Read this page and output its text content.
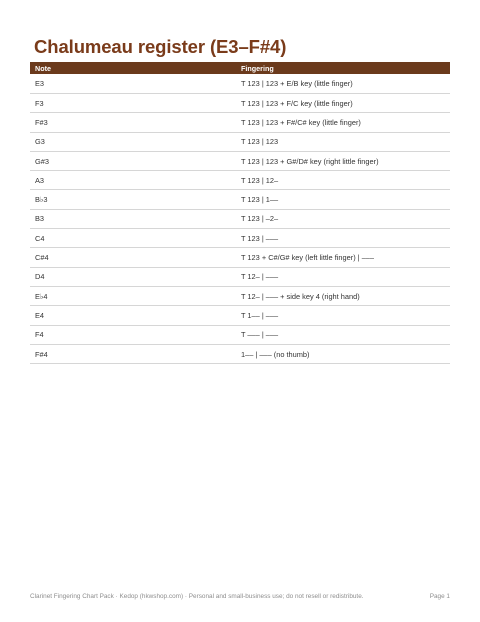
Chalumeau register (E3–F#4)
Note	Fingering
E3	T 123 | 123 + E/B key (little finger)
F3	T 123 | 123 + F/C key (little finger)
F#3	T 123 | 123 + F#/C# key (little finger)
G3	T 123 | 123
G#3	T 123 | 123 + G#/D# key (right little finger)
A3	T 123 | 12–
B♭3	T 123 | 1––
B3	T 123 | –2–
C4	T 123 | –––
C#4	T 123 + C#/G# key (left little finger) | –––
D4	T 12– | –––
E♭4	T 12– | ––– + side key 4 (right hand)
E4	T 1–– | –––
F4	T ––– | –––
F#4	1–– | ––– (no thumb)
Clarinet Fingering Chart Pack · Kedop (hkwshop.com) · Personal and small-business use; do not resell or redistribute.	Page 1
